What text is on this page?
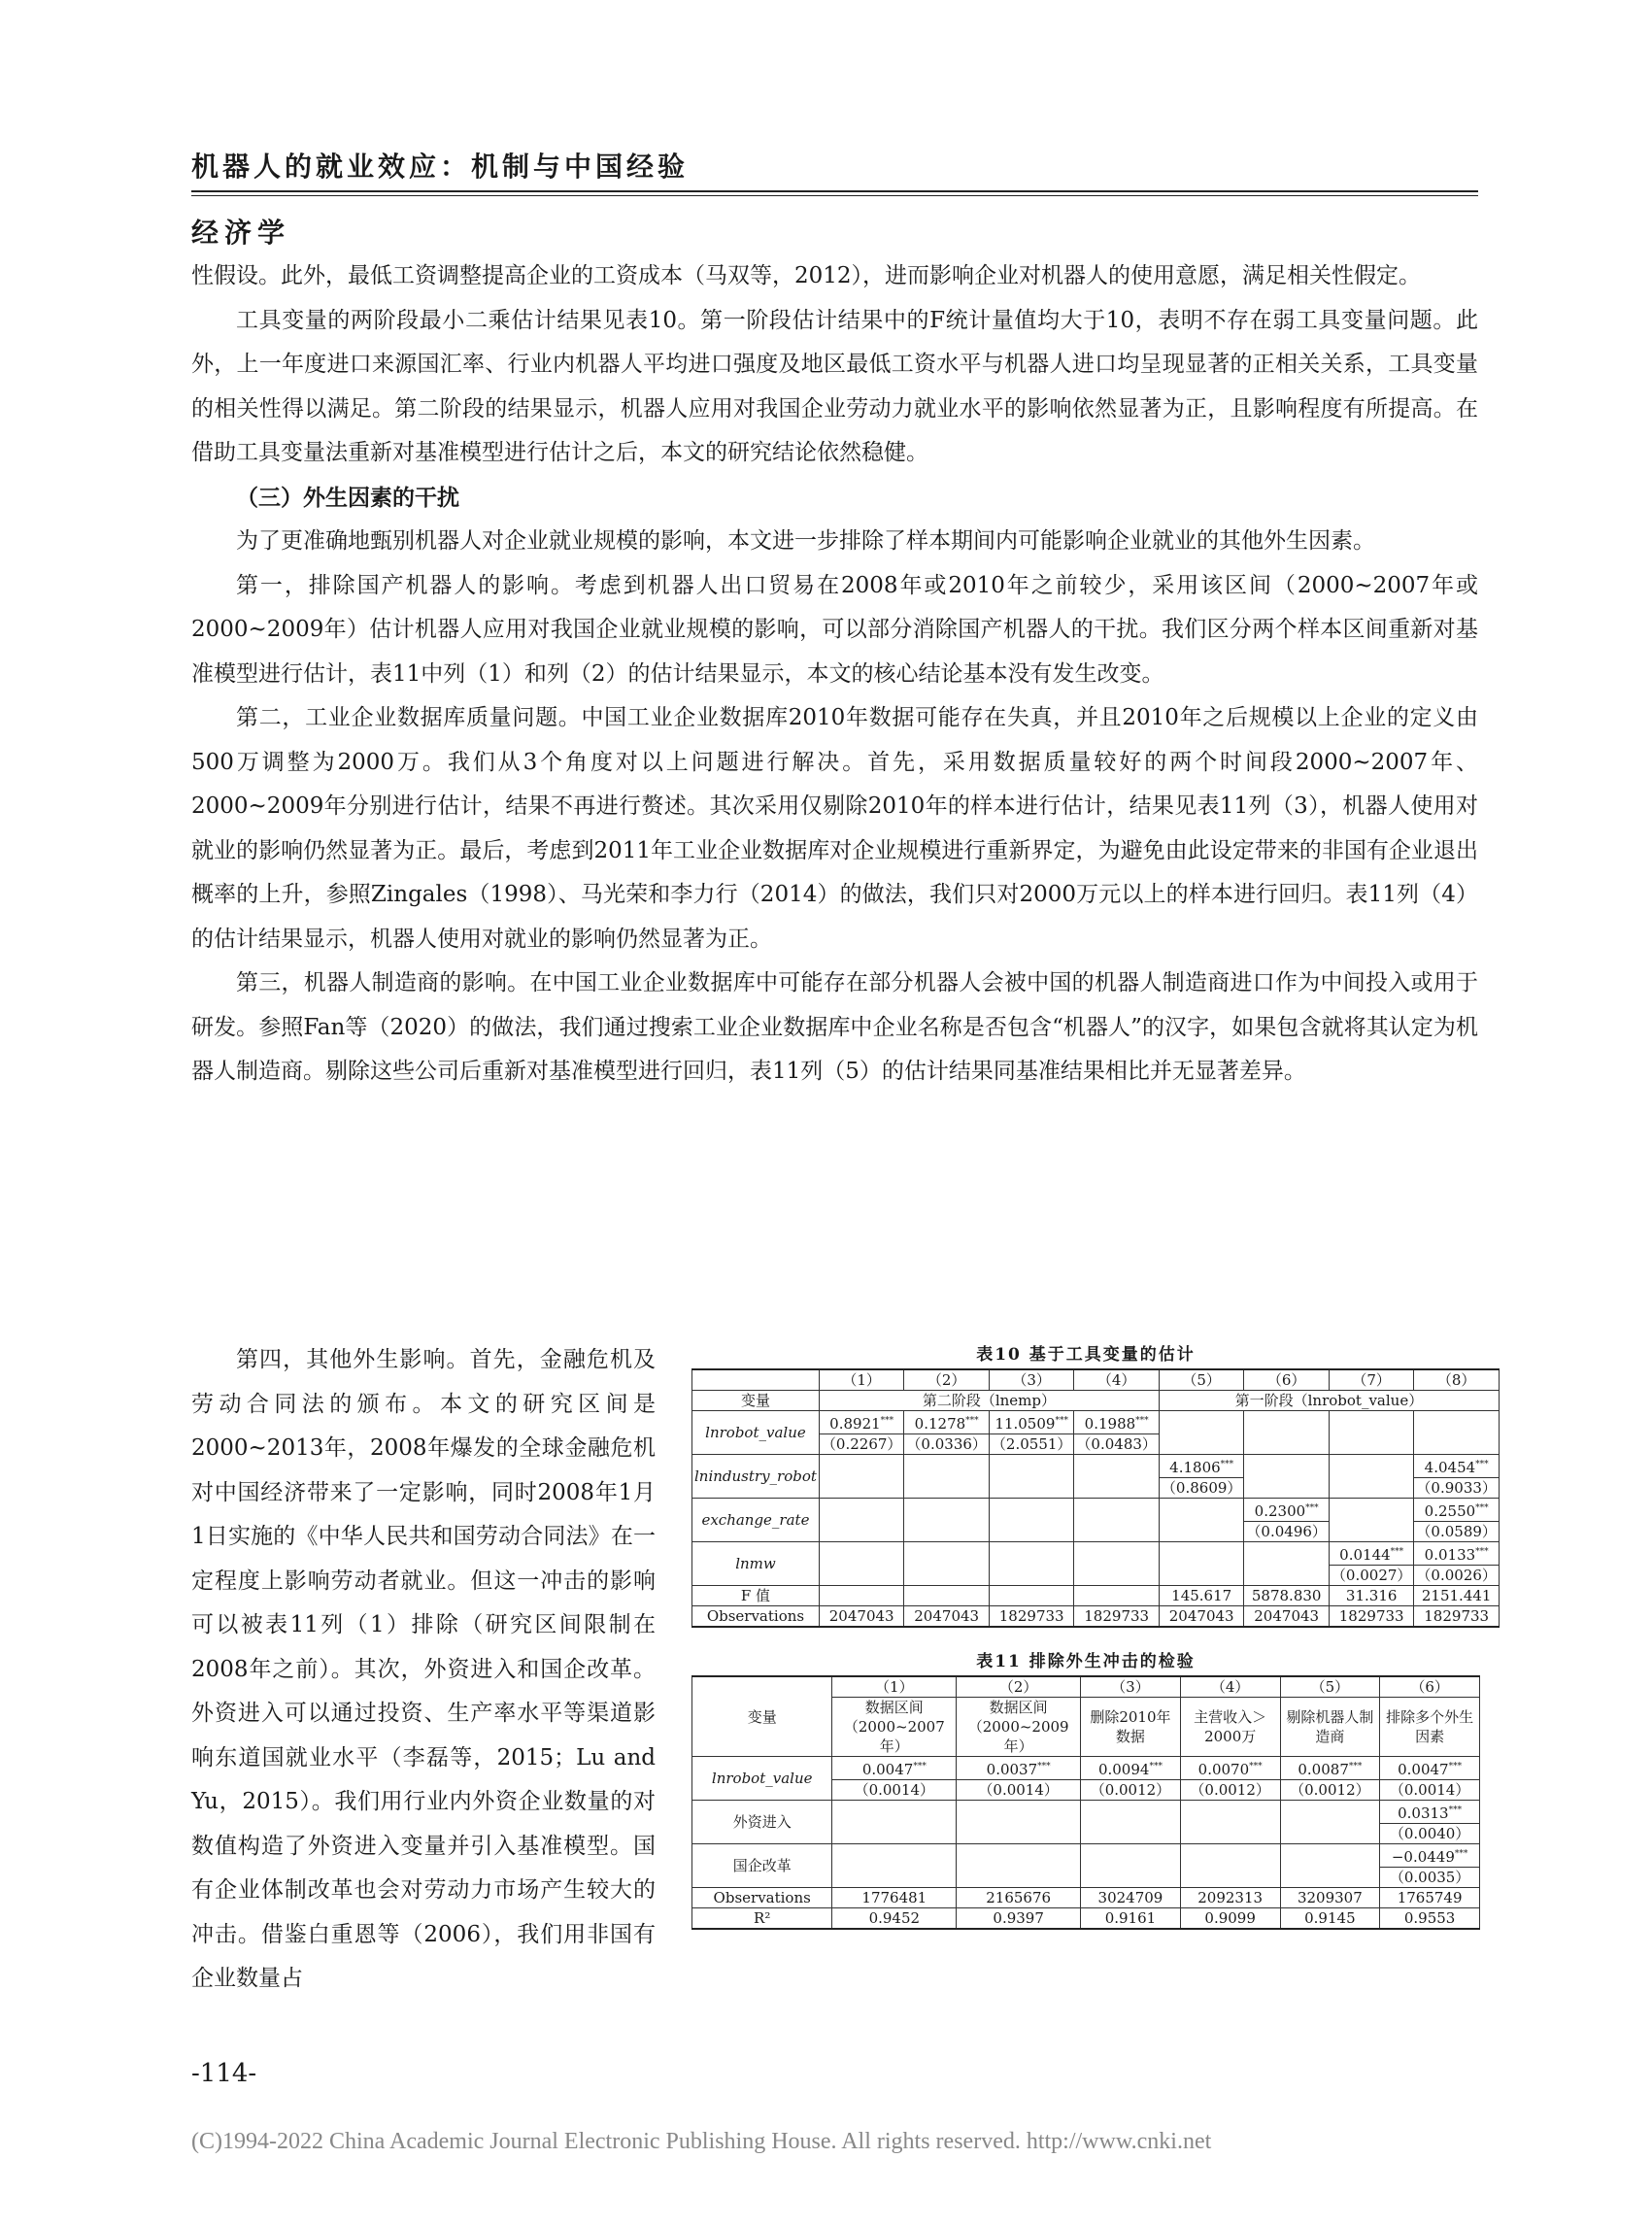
机器人的就业效应：机制与中国经验
经济学

性假设。此外，最低工资调整提高企业的工资成本（马双等，2012），进而影响企业对机器人的使用意愿，满足相关性假定。

工具变量的两阶段最小二乘估计结果见表10。第一阶段估计结果中的F统计量值均大于10，表明不存在弱工具变量问题。此外，上一年度进口来源国汇率、行业内机器人平均进口强度及地区最低工资水平与机器人进口均呈现显著的正相关关系，工具变量的相关性得以满足。第二阶段的结果显示，机器人应用对我国企业劳动力就业水平的影响依然显著为正，且影响程度有所提高。在借助工具变量法重新对基准模型进行估计之后，本文的研究结论依然稳健。

（三）外生因素的干扰

为了更准确地甄别机器人对企业就业规模的影响，本文进一步排除了样本期间内可能影响企业就业的其他外生因素。

第一，排除国产机器人的影响。考虑到机器人出口贸易在2008年或2010年之前较少，采用该区间（2000~2007年或2000~2009年）估计机器人应用对我国企业就业规模的影响，可以部分消除国产机器人的干扰。我们区分两个样本区间重新对基准模型进行估计，表11中列（1）和列（2）的估计结果显示，本文的核心结论基本没有发生改变。

第二，工业企业数据库质量问题。中国工业企业数据库2010年数据可能存在失真，并且2010年之后规模以上企业的定义由500万调整为2000万。我们从3个角度对以上问题进行解决。首先，采用数据质量较好的两个时间段2000~2007年、2000~2009年分别进行估计，结果不再进行赘述。其次采用仅剔除2010年的样本进行估计，结果见表11列（3），机器人使用对就业的影响仍然显著为正。最后，考虑到2011年工业企业数据库对企业规模进行重新界定，为避免由此设定带来的非国有企业退出概率的上升，参照Zingales（1998）、马光荣和李力行（2014）的做法，我们只对2000万元以上的样本进行回归。表11列（4）的估计结果显示，机器人使用对就业的影响仍然显著为正。

第三，机器人制造商的影响。在中国工业企业数据库中可能存在部分机器人会被中国的机器人制造商进口作为中间投入或用于研发。参照Fan等（2020）的做法，我们通过搜索工业企业数据库中企业名称是否包含“机器人”的汉字，如果包含就将其认定为机器人制造商。剔除这些公司后重新对基准模型进行回归，表11列（5）的估计结果同基准结果相比并无显著差异。

第四，其他外生影响。首先，金融危机及劳动合同法的颁布。本文的研究区间是2000~2013年，2008年爆发的全球金融危机对中国经济带来了一定影响，同时2008年1月1日实施的《中华人民共和国劳动合同法》在一定程度上影响劳动者就业。但这一冲击的影响可以被表11列（1）排除（研究区间限制在2008年之前）。其次，外资进入和国企改革。外资进入可以通过投资、生产率水平等渠道影响东道国就业水平（李磊等，2015；Lu and Yu，2015）。我们用行业内外资企业数量的对数值构造了外资进入变量并引入基准模型。国有企业体制改革也会对劳动力市场产生较大的冲击。借鉴白重恩等（2006），我们用非国有企业数量占

表10 基于工具变量的估计
	（1）	（2）	（3）	（4）	（5）	（6）	（7）	（8）
变量	第二阶段（lnemp）				第一阶段（lnrobot_value）			
lnrobot_value	0.8921***	0.1278***	11.0509***	0.1988***				
	（0.2267）	（0.0336）	（2.0551）	（0.0483）				
lnindustry_robot					4.1806***			4.0454***
					（0.8609）			（0.9033）
exchange_rate						0.2300***		0.2550***
						（0.0496）		（0.0589）
lnmw							0.0144***	0.0133***
							（0.0027）	（0.0026）
F 值					145.617	5878.830	31.316	2151.441
Observations	2047043	2047043	1829733	1829733	2047043	2047043	1829733	1829733
表11 排除外生冲击的检验
变量	（1）	（2）	（3）	（4）	（5）	（6）
	数据区间（2000~2007年）	数据区间（2000~2009年）	删除2010年数据	主营收入＞2000万	剔除机器人制造商	排除多个外生因素
lnrobot_value	0.0047***	0.0037***	0.0094***	0.0070***	0.0087***	0.0047***
	（0.0014）	（0.0014）	（0.0012）	（0.0012）	（0.0012）	（0.0014）
外资进入						0.0313***
						（0.0040）
国企改革						−0.0449***
						（0.0035）
Observations	1776481	2165676	3024709	2092313	3209307	1765749
R²	0.9452	0.9397	0.9161	0.9099	0.9145	0.9553
-114-
(C)1994-2022 China Academic Journal Electronic Publishing House. All rights reserved. http://www.cnki.net
